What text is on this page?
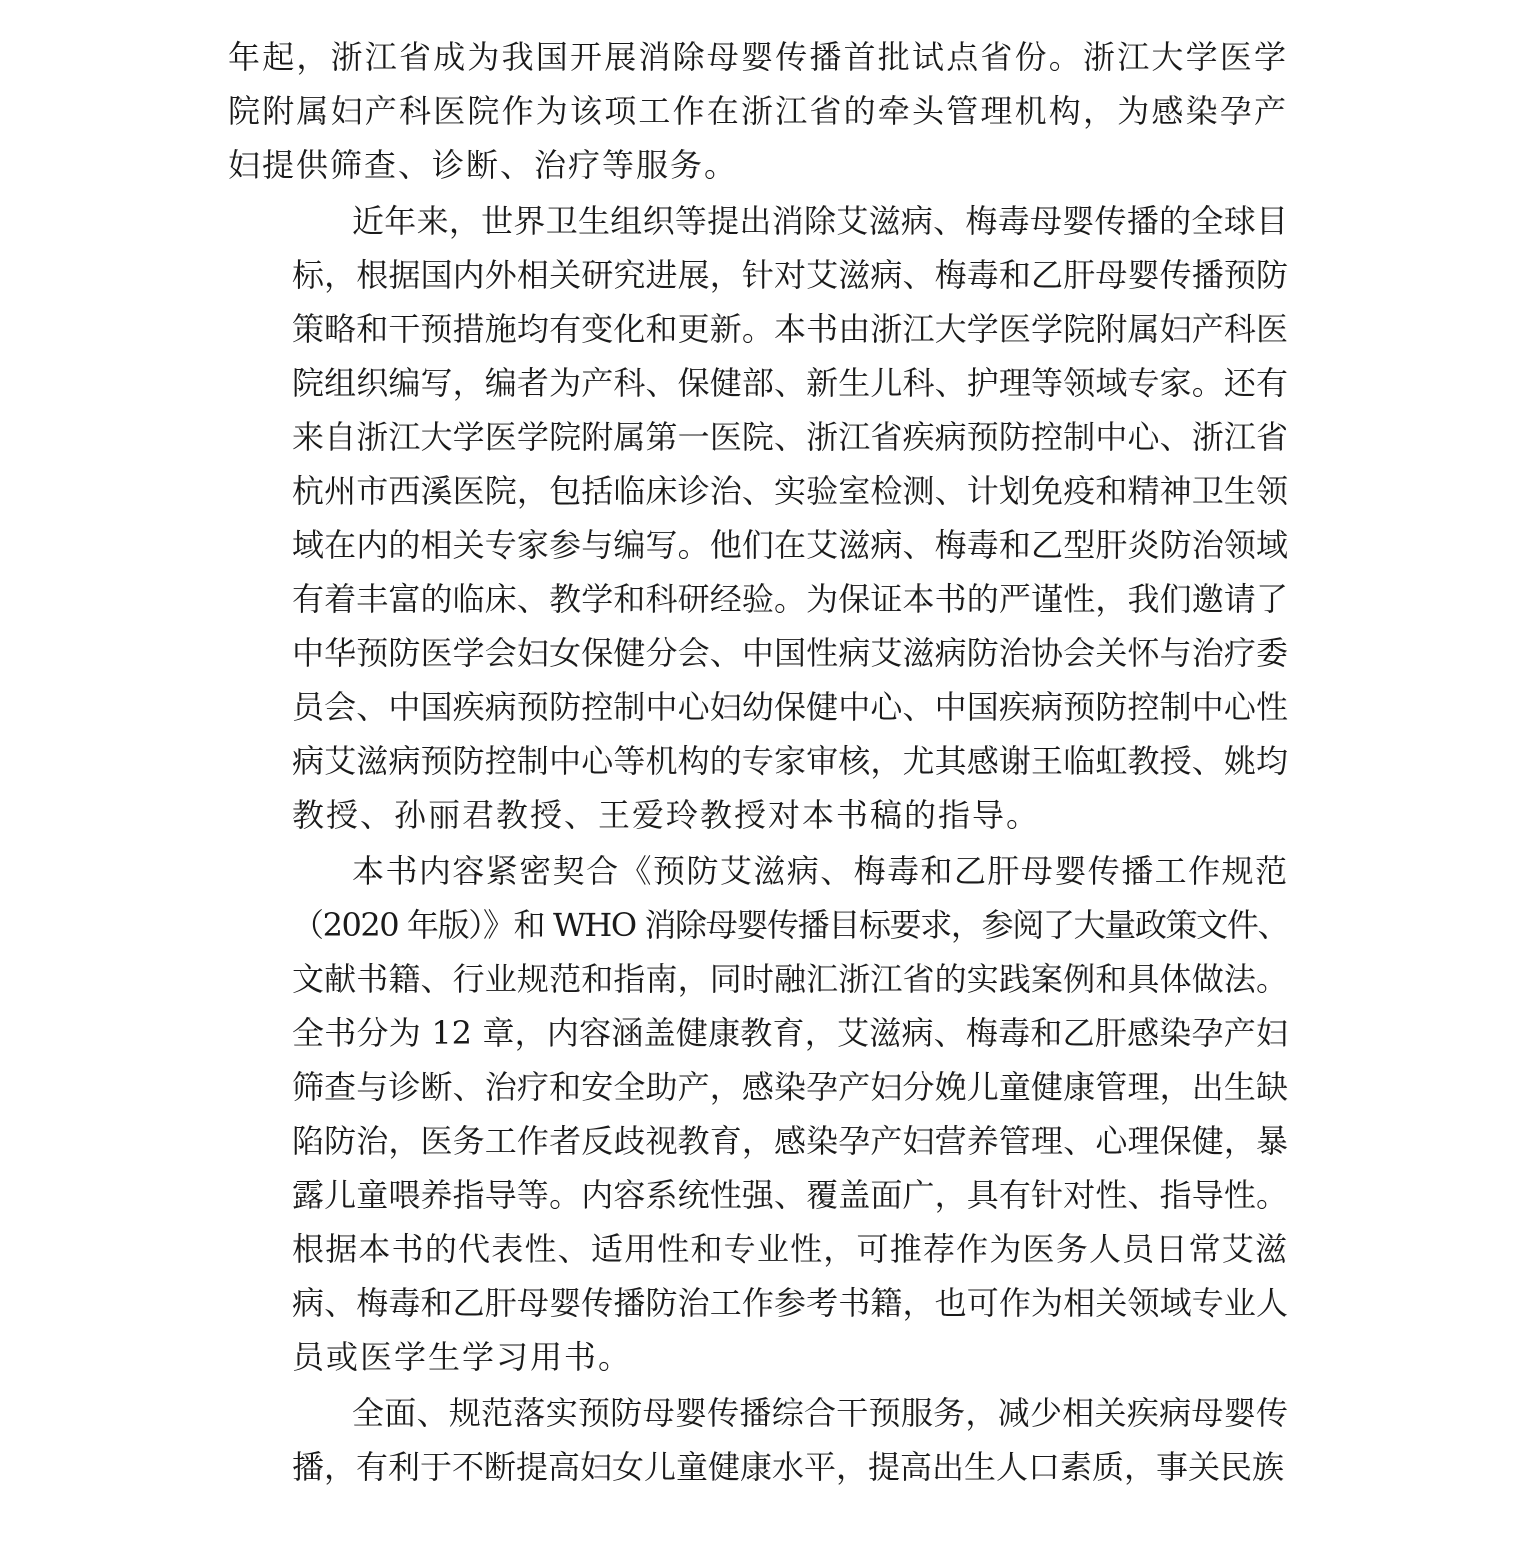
年起，浙江省成为我国开展消除母婴传播首批试点省份。浙江大学医学
院附属妇产科医院作为该项工作在浙江省的牵头管理机构，为感染孕产
妇提供筛查、诊断、治疗等服务。
近年来，世界卫生组织等提出消除艾滋病、梅毒母婴传播的全球目
标，根据国内外相关研究进展，针对艾滋病、梅毒和乙肝母婴传播预防
策略和干预措施均有变化和更新。本书由浙江大学医学院附属妇产科医
院组织编写，编者为产科、保健部、新生儿科、护理等领域专家。还有
来自浙江大学医学院附属第一医院、浙江省疾病预防控制中心、浙江省
杭州市西溪医院，包括临床诊治、实验室检测、计划免疫和精神卫生领
域在内的相关专家参与编写。他们在艾滋病、梅毒和乙型肝炎防治领域
有着丰富的临床、教学和科研经验。为保证本书的严谨性，我们邀请了
中华预防医学会妇女保健分会、中国性病艾滋病防治协会关怀与治疗委
员会、中国疾病预防控制中心妇幼保健中心、中国疾病预防控制中心性
病艾滋病预防控制中心等机构的专家审核，尤其感谢王临虹教授、姚均
教授、孙丽君教授、王爱玲教授对本书稿的指导。
本书内容紧密契合《预防艾滋病、梅毒和乙肝母婴传播工作规范
（2020 年版）》和 WHO 消除母婴传播目标要求，参阅了大量政策文件、
文献书籍、行业规范和指南，同时融汇浙江省的实践案例和具体做法。
全书分为 12 章，内容涵盖健康教育，艾滋病、梅毒和乙肝感染孕产妇
筛查与诊断、治疗和安全助产，感染孕产妇分娩儿童健康管理，出生缺
陷防治，医务工作者反歧视教育，感染孕产妇营养管理、心理保健，暴
露儿童喂养指导等。内容系统性强、覆盖面广，具有针对性、指导性。
根据本书的代表性、适用性和专业性，可推荐作为医务人员日常艾滋
病、梅毒和乙肝母婴传播防治工作参考书籍，也可作为相关领域专业人
员或医学生学习用书。
全面、规范落实预防母婴传播综合干预服务，减少相关疾病母婴传
播，有利于不断提高妇女儿童健康水平，提高出生人口素质，事关民族
